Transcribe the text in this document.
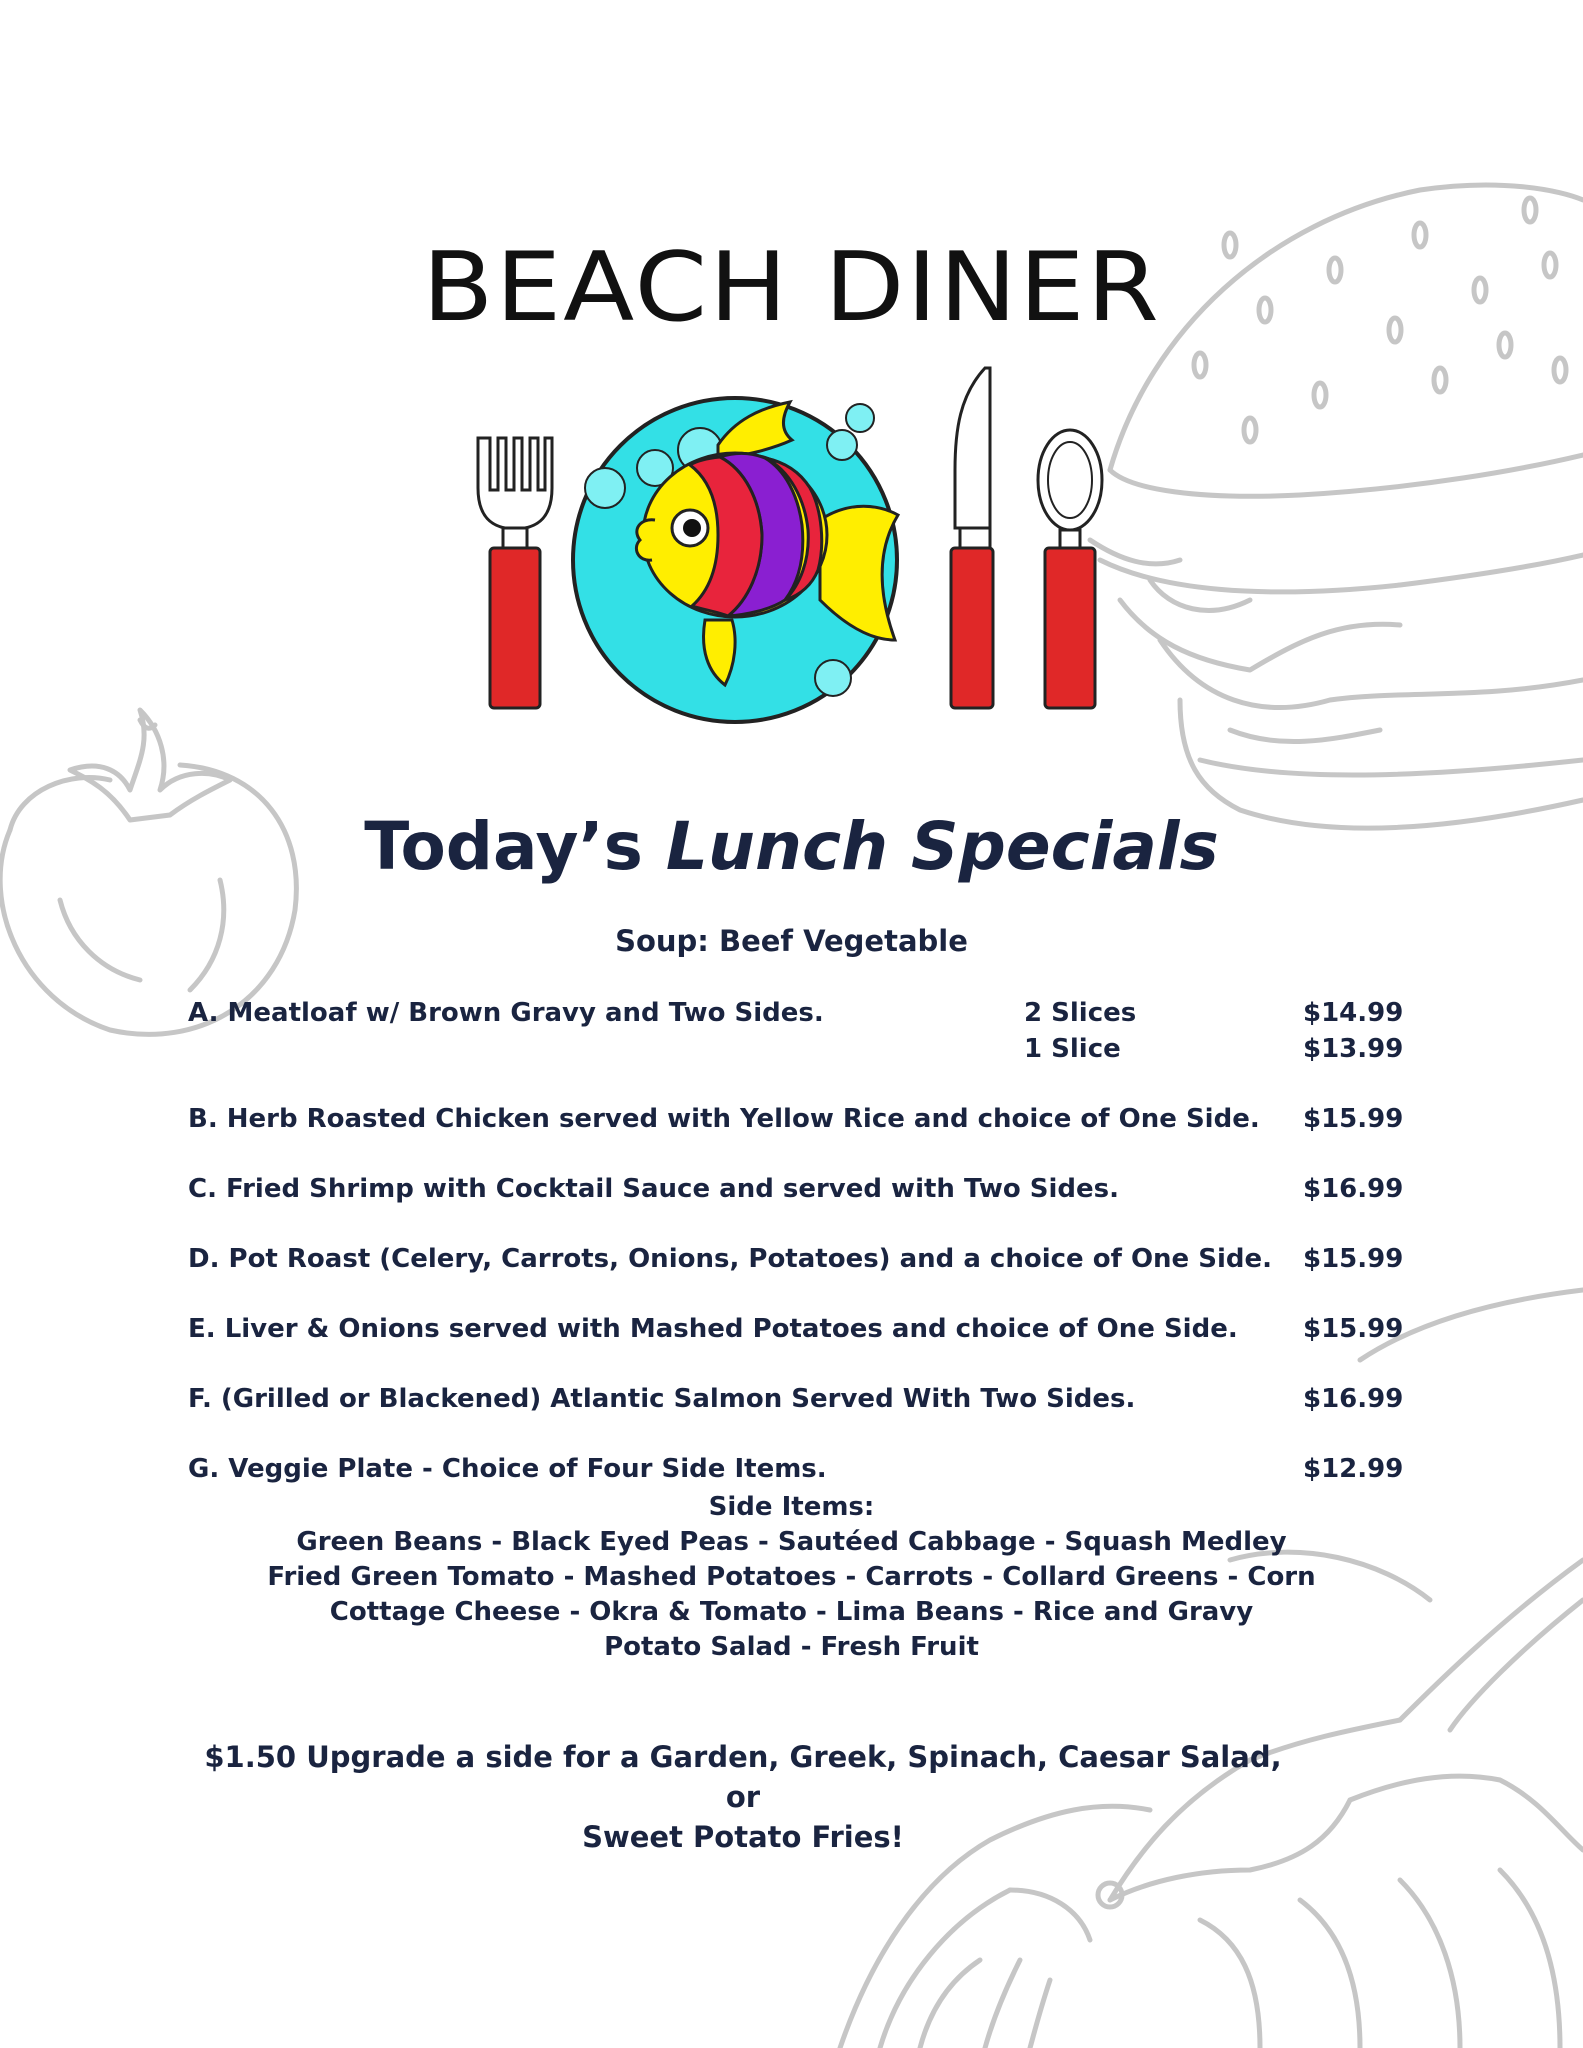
BEACH DINER
Today’s Lunch Specials
Soup: Beef Vegetable
A. Meatloaf w/ Brown Gravy and Two Sides.	2 Slices	$14.99
1 Slice	$13.99
B. Herb Roasted Chicken served with Yellow Rice and choice of One Side. $15.99
C. Fried Shrimp with Cocktail Sauce and served with Two Sides.	$16.99
D. Pot Roast (Celery, Carrots, Onions, Potatoes) and a choice of One Side. $15.99
E. Liver & Onions served with Mashed Potatoes and choice of One Side.	$15.99
F. (Grilled or Blackened) Atlantic Salmon Served With Two Sides.	$16.99
G. Veggie Plate - Choice of Four Side Items.	$12.99
Side Items:
Green Beans - Black Eyed Peas - Sautéed Cabbage - Squash Medley
Fried Green Tomato - Mashed Potatoes - Carrots - Collard Greens - Corn
Cottage Cheese - Okra & Tomato - Lima Beans - Rice and Gravy
Potato Salad - Fresh Fruit
$1.50 Upgrade a side for a Garden, Greek, Spinach, Caesar Salad, or
Sweet Potato Fries!
